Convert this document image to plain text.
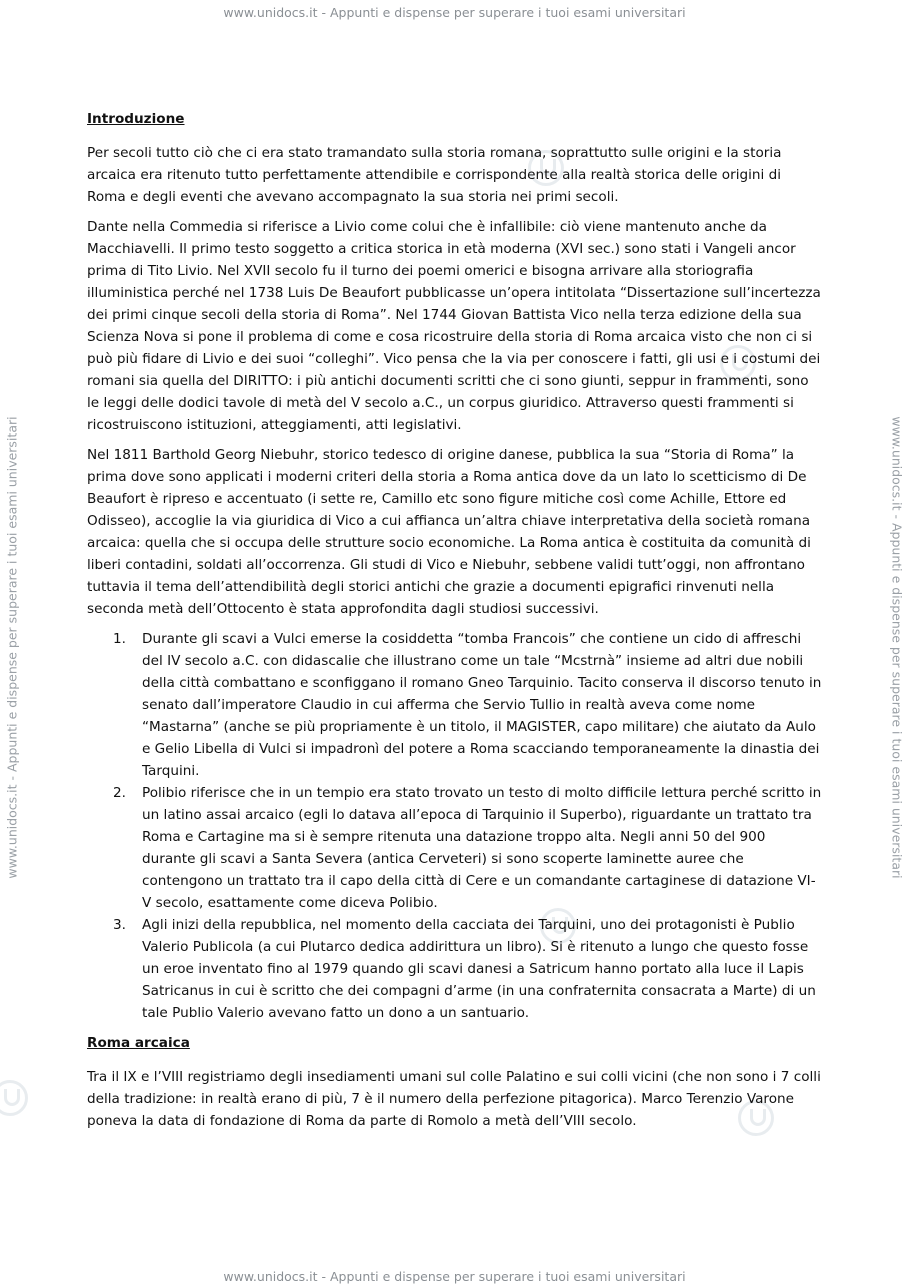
www.unidocs.it - Appunti e dispense per superare i tuoi esami universitari
www.unidocs.it - Appunti e dispense per superare i tuoi esami universitari	www.unidocs.it - Appunti e dispense per superare i tuoi esami universitari
Introduzione

Per secoli tutto ciò che ci era stato tramandato sulla storia romana, soprattutto sulle origini e la storia arcaica era ritenuto tutto perfettamente attendibile e corrispondente alla realtà storica delle origini di Roma e degli eventi che avevano accompagnato la sua storia nei primi secoli.

Dante nella Commedia si riferisce a Livio come colui che è infallibile: ciò viene mantenuto anche da Macchiavelli. Il primo testo soggetto a critica storica in età moderna (XVI sec.) sono stati i Vangeli ancor prima di Tito Livio. Nel XVII secolo fu il turno dei poemi omerici e bisogna arrivare alla storiografia illuministica perché nel 1738 Luis De Beaufort pubblicasse un’opera intitolata “Dissertazione sull’incertezza dei primi cinque secoli della storia di Roma”. Nel 1744 Giovan Battista Vico nella terza edizione della sua Scienza Nova si pone il problema di come e cosa ricostruire della storia di Roma arcaica visto che non ci si può più fidare di Livio e dei suoi “colleghi”. Vico pensa che la via per conoscere i fatti, gli usi e i costumi dei romani sia quella del DIRITTO: i più antichi documenti scritti che ci sono giunti, seppur in frammenti, sono le leggi delle dodici tavole di metà del V secolo a.C., un corpus giuridico. Attraverso questi frammenti si ricostruiscono istituzioni, atteggiamenti, atti legislativi.

Nel 1811 Barthold Georg Niebuhr, storico tedesco di origine danese, pubblica la sua “Storia di Roma” la prima dove sono applicati i moderni criteri della storia a Roma antica dove da un lato lo scetticismo di De Beaufort è ripreso e accentuato (i sette re, Camillo etc sono figure mitiche così come Achille, Ettore ed Odisseo), accoglie la via giuridica di Vico a cui affianca un’altra chiave interpretativa della società romana arcaica: quella che si occupa delle strutture socio economiche. La Roma antica è costituita da comunità di liberi contadini, soldati all’occorrenza. Gli studi di Vico e Niebuhr, sebbene validi tutt’oggi, non affrontano tuttavia il tema dell’attendibilità degli storici antichi che grazie a documenti epigrafici rinvenuti nella seconda metà dell’Ottocento è stata approfondita dagli studiosi successivi.

1. Durante gli scavi a Vulci emerse la cosiddetta “tomba Francois” che contiene un cido di affreschi del IV secolo a.C. con didascalie che illustrano come un tale “Mcstrnà” insieme ad altri due nobili della città combattano e sconfiggano il romano Gneo Tarquinio. Tacito conserva il discorso tenuto in senato dall’imperatore Claudio in cui afferma che Servio Tullio in realtà aveva come nome “Mastarna” (anche se più propriamente è un titolo, il MAGISTER, capo militare) che aiutato da Aulo e Gelio Libella di Vulci si impadronì del potere a Roma scacciando temporaneamente la dinastia dei Tarquini.
2. Polibio riferisce che in un tempio era stato trovato un testo di molto difficile lettura perché scritto in un latino assai arcaico (egli lo datava all’epoca di Tarquinio il Superbo), riguardante un trattato tra Roma e Cartagine ma si è sempre ritenuta una datazione troppo alta. Negli anni 50 del 900 durante gli scavi a Santa Severa (antica Cerveteri) si sono scoperte laminette auree che contengono un trattato tra il capo della città di Cere e un comandante cartaginese di datazione VI-V secolo, esattamente come diceva Polibio.
3. Agli inizi della repubblica, nel momento della cacciata dei Tarquini, uno dei protagonisti è Publio Valerio Publicola (a cui Plutarco dedica addirittura un libro). Si è ritenuto a lungo che questo fosse un eroe inventato fino al 1979 quando gli scavi danesi a Satricum hanno portato alla luce il Lapis Satricanus in cui è scritto che dei compagni d’arme (in una confraternita consacrata a Marte) di un tale Publio Valerio avevano fatto un dono a un santuario.
Roma arcaica

Tra il IX e l’VIII registriamo degli insediamenti umani sul colle Palatino e sui colli vicini (che non sono i 7 colli della tradizione: in realtà erano di più, 7 è il numero della perfezione pitagorica). Marco Terenzio Varone poneva la data di fondazione di Roma da parte di Romolo a metà dell’VIII secolo.

www.unidocs.it - Appunti e dispense per superare i tuoi esami universitari
